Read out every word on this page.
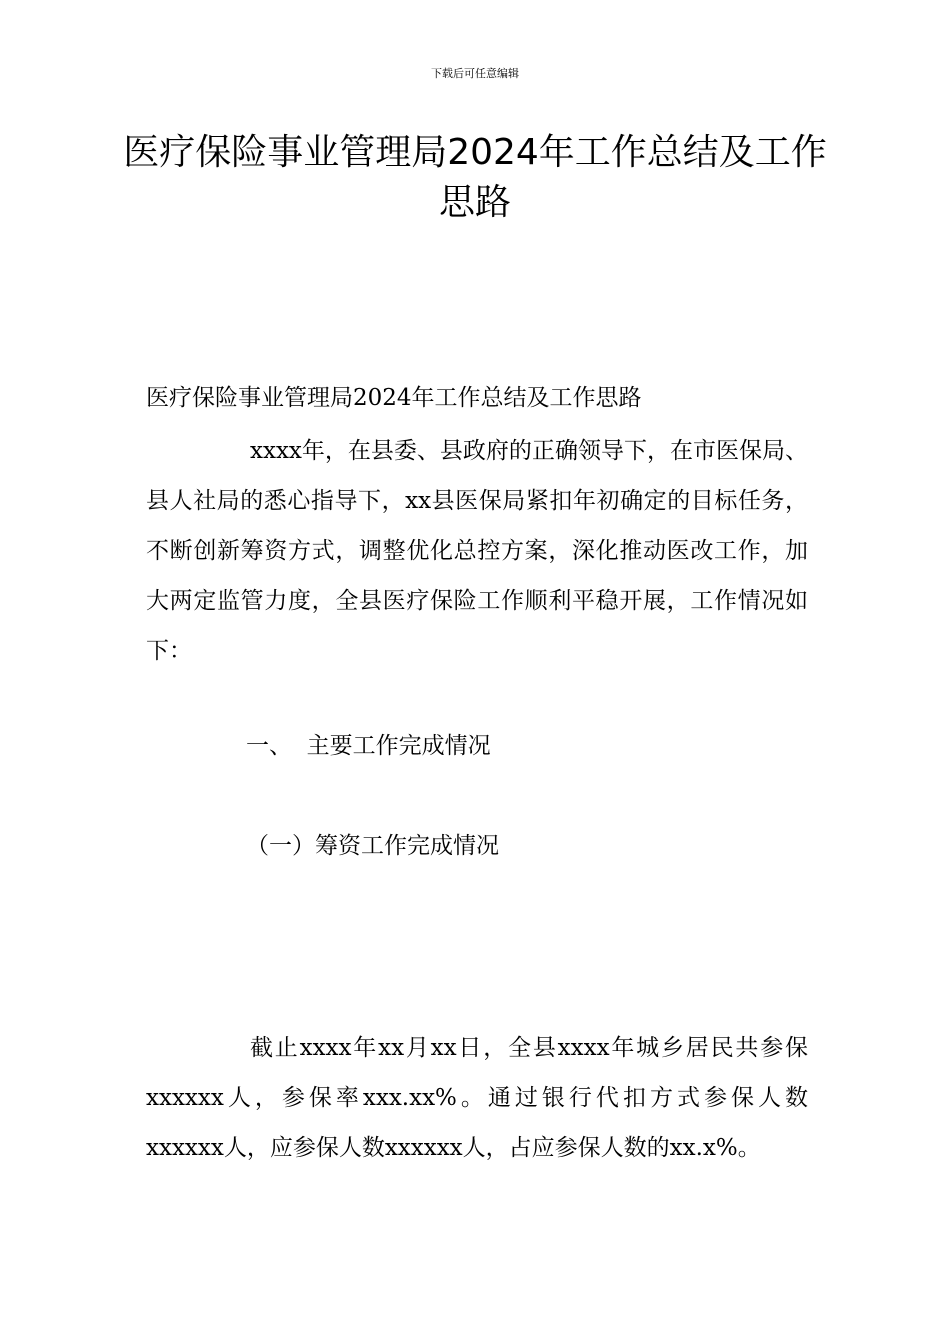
下载后可任意编辑
医疗保险事业管理局2024年工作总结及工作思路

医疗保险事业管理局2024年工作总结及工作思路

xxxx年，在县委、县政府的正确领导下，在市医保局、县人社局的悉心指导下，xx县医保局紧扣年初确定的目标任务，不断创新筹资方式，调整优化总控方案，深化推动医改工作，加大两定监管力度，全县医疗保险工作顺利平稳开展，工作情况如下：

一、  主要工作完成情况

（一）筹资工作完成情况

截止xxxx年xx月xx日，全县xxxx年城乡居民共参保xxxxxx人，参保率xxx.xx%。通过银行代扣方式参保人数xxxxxx人，应参保人数xxxxxx人，占应参保人数的xx.x%。
